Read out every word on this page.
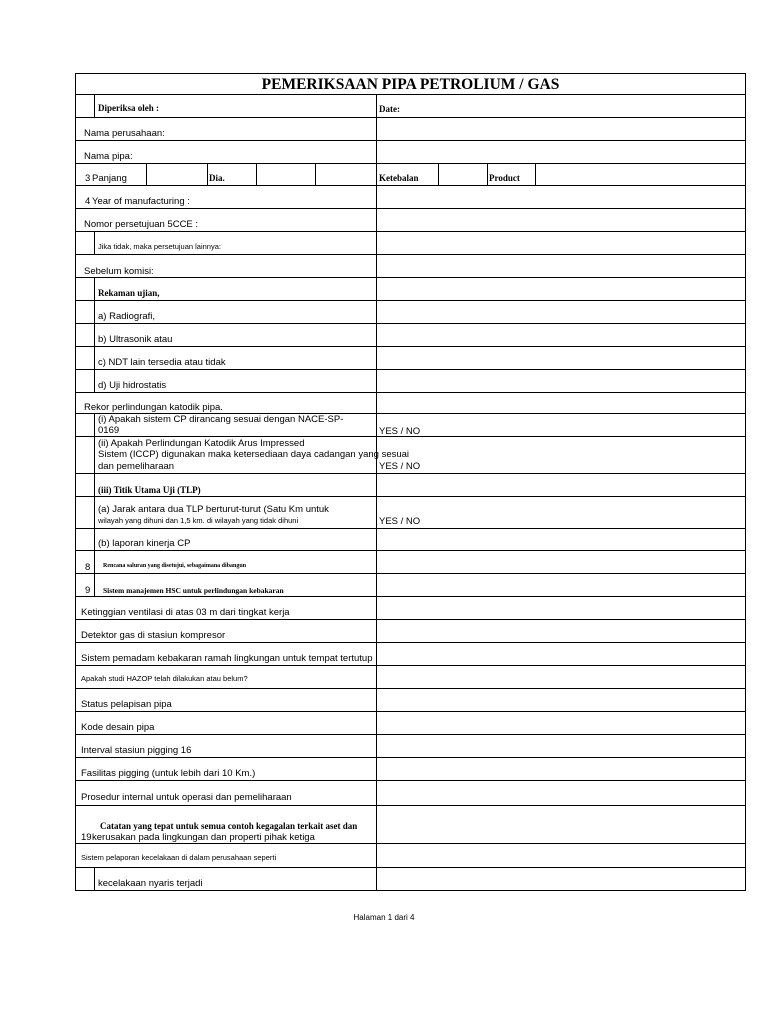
PEMERIKSAAN PIPA PETROLIUM / GAS
Diperiksa oleh :	Date:
Nama perusahaan:
Nama pipa:
3 Panjang	Dia.	Ketebalan	Product
4 Year of manufacturing :
Nomor persetujuan 5CCE :
Jika tidak, maka persetujuan lainnya:
Sebelum komisi:
Rekaman ujian,
a) Radiografi,
b) Ultrasonik atau
c) NDT lain tersedia atau tidak
d) Uji hidrostatis
Rekor perlindungan katodik pipa.
(i) Apakah sistem CP dirancang sesuai dengan NACE-SP-0169	YES / NO
(ii) Apakah Perlindungan Katodik Arus Impressed
Sistem (ICCP) digunakan maka ketersediaan daya cadangan yang sesuai
dan pemeliharaan	YES / NO
(iii) Titik Utama Uji (TLP)
(a) Jarak antara dua TLP berturut-turut (Satu Km untuk
wilayah yang dihuni dan 1,5 km. di wilayah yang tidak dihuni	YES / NO
(b) laporan kinerja CP
8 Rencana saluran yang disetujui, sebagaimana dibangun
9 Sistem manajemen HSC untuk perlindungan kebakaran
Ketinggian ventilasi di atas 03 m dari tingkat kerja
Detektor gas di stasiun kompresor
Sistem pemadam kebakaran ramah lingkungan untuk tempat tertutup
Apakah studi HAZOP telah dilakukan atau belum?
Status pelapisan pipa
Kode desain pipa
Interval stasiun pigging 16
Fasilitas pigging (untuk lebih dari 10 Km.)
Prosedur internal untuk operasi dan pemeliharaan
Catatan yang tepat untuk semua contoh kegagalan terkait aset dan
19 kerusakan pada lingkungan dan properti pihak ketiga
Sistem pelaporan kecelakaan di dalam perusahaan seperti
kecelakaan nyaris terjadi
Halaman 1 dari 4
